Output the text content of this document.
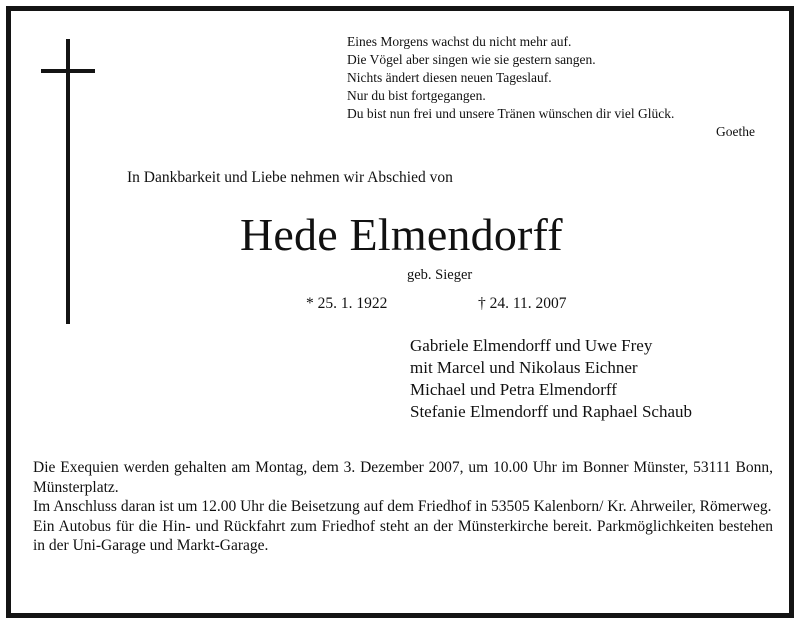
Eines Morgens wachst du nicht mehr auf.
Die Vögel aber singen wie sie gestern sangen.
Nichts ändert diesen neuen Tageslauf.
Nur du bist fortgegangen.
Du bist nun frei und unsere Tränen wünschen dir viel Glück.
Goethe
In Dankbarkeit und Liebe nehmen wir Abschied von
Hede Elmendorff
geb. Sieger
* 25. 1. 1922	† 24. 11. 2007
Gabriele Elmendorff und Uwe Frey
mit Marcel und Nikolaus Eichner
Michael und Petra Elmendorff
Stefanie Elmendorff und Raphael Schaub

Die Exequien werden gehalten am Montag, dem 3. Dezember 2007, um 10.00 Uhr im Bonner Münster, 53111 Bonn, Münsterplatz.

Im Anschluss daran ist um 12.00 Uhr die Beisetzung auf dem Friedhof in 53505 Kalenborn/ Kr. Ahrweiler, Römerweg.

Ein Autobus für die Hin- und Rückfahrt zum Friedhof steht an der Münsterkirche bereit. Parkmöglichkeiten bestehen in der Uni-Garage und Markt-Garage.
